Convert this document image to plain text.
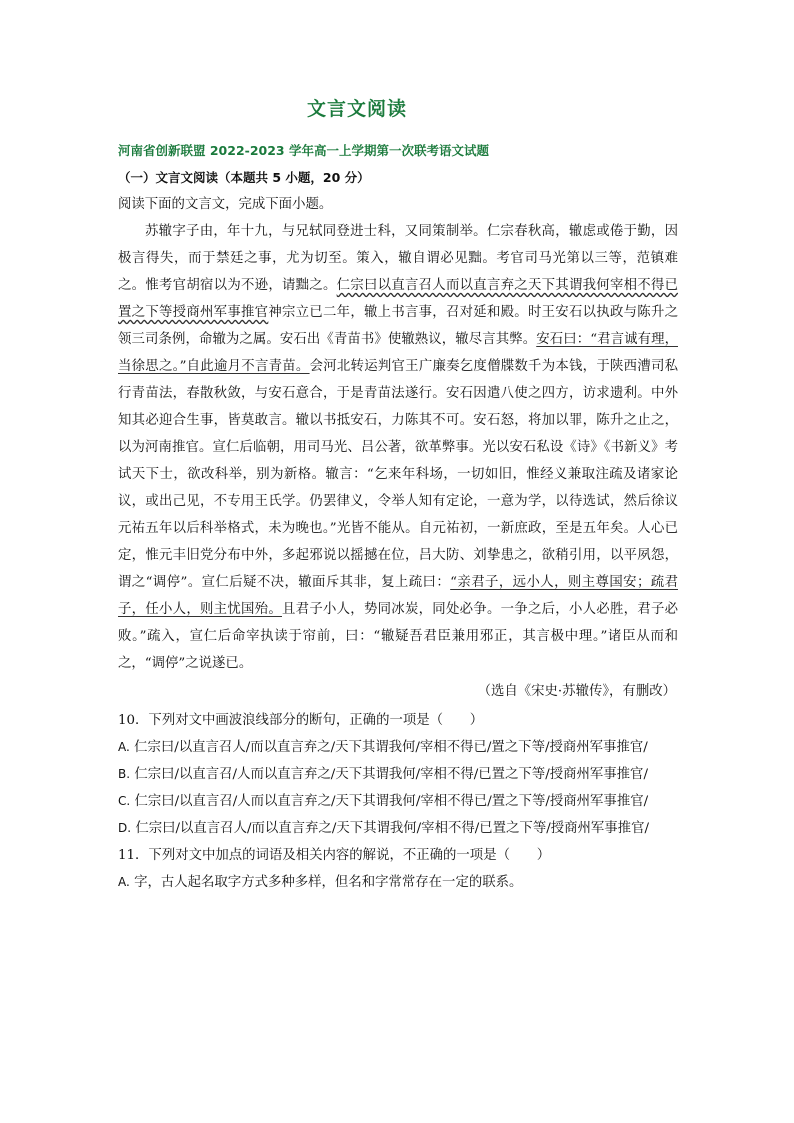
文言文阅读
河南省创新联盟 2022-2023 学年高一上学期第一次联考语文试题
（一）文言文阅读（本题共 5 小题，20 分）
阅读下面的文言文，完成下面小题。

苏辙字子由，年十九，与兄轼同登进士科，又同策制举。仁宗春秋高，辙虑或倦于勤，因极言得失，而于禁廷之事，尤为切至。策入，辙自谓必见黜。考官司马光第以三等，范镇难之。惟考官胡宿以为不逊，请黜之。仁宗曰以直言召人而以直言弃之天下其谓我何宰相不得已置之下等授商州军事推官神宗立已二年，辙上书言事，召对延和殿。时王安石以执政与陈升之领三司条例，命辙为之属。安石出《青苗书》使辙熟议，辙尽言其弊。安石曰：“君言诚有理，当徐思之。”自此逾月不言青苗。会河北转运判官王广廉奏乞度僧牒数千为本钱，于陕西漕司私行青苗法，春散秋敛，与安石意合，于是青苗法遂行。安石因遣八使之四方，访求遗利。中外知其必迎合生事，皆莫敢言。辙以书抵安石，力陈其不可。安石怒，将加以罪，陈升之止之，以为河南推官。宣仁后临朝，用司马光、吕公著，欲革弊事。光以安石私设《诗》《书新义》考试天下士，欲改科举，别为新格。辙言：“乞来年科场，一切如旧，惟经义兼取注疏及诸家论议，或出己见，不专用王氏学。仍罢律义，令举人知有定论，一意为学，以待选试，然后徐议元祐五年以后科举格式，未为晚也。”光皆不能从。自元祐初，一新庶政，至是五年矣。人心已定，惟元丰旧党分布中外，多起邪说以摇撼在位，吕大防、刘挚患之，欲稍引用，以平夙怨，谓之“调停”。宣仁后疑不决，辙面斥其非，复上疏曰：“亲君子，远小人，则主尊国安；疏君子，任小人，则主忧国殆。且君子小人，势同冰炭，同处必争。一争之后，小人必胜，君子必败。”疏入，宣仁后命宰执读于帘前，曰：“辙疑吾君臣兼用邪正，其言极中理。”诸臣从而和之，“调停”之说遂已。

（选自《宋史·苏辙传》，有删改）
10．下列对文中画波浪线部分的断句，正确的一项是（　　）
A. 仁宗曰/以直言召人/而以直言弃之/天下其谓我何/宰相不得已/置之下等/授商州军事推官/
B. 仁宗曰/以直言召/人而以直言弃之/天下其谓我何/宰相不得/已置之下等/授商州军事推官/
C. 仁宗曰/以直言召/人而以直言弃之/天下其谓我何/宰相不得已/置之下等/授商州军事推官/
D. 仁宗曰/以直言召人/而以直言弃之/天下其谓我何/宰相不得/已置之下等/授商州军事推官/
11．下列对文中加点的词语及相关内容的解说，不正确的一项是（　　）
A. 字，古人起名取字方式多种多样，但名和字常常存在一定的联系。
